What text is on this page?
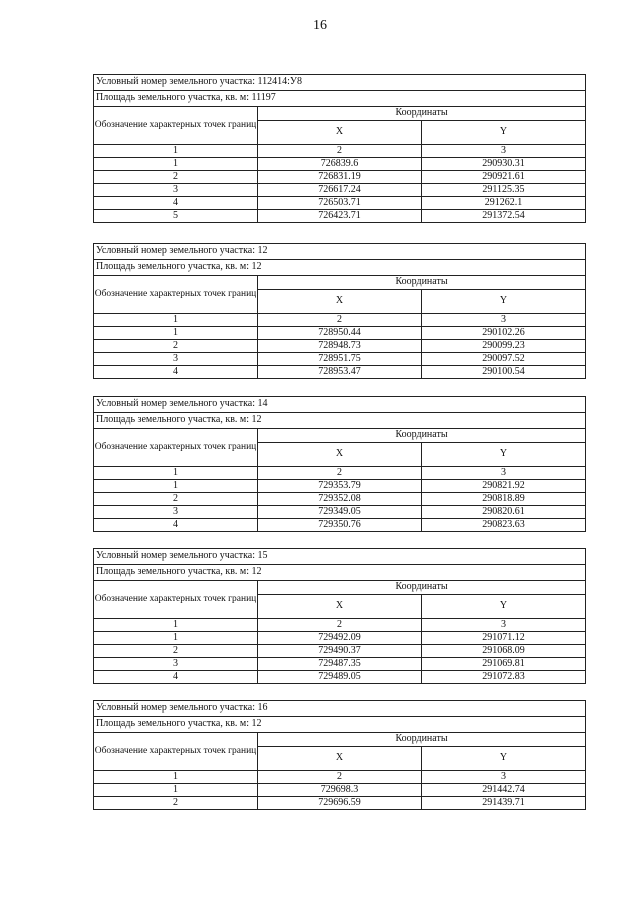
16
Условный номер земельного участка: 112414:У8		
Площадь земельного участка, кв. м: 11197		
Обозначение характерных точек границ	Координаты	
	X	Y
1	2	3
1	726839.6	290930.31
2	726831.19	290921.61
3	726617.24	291125.35
4	726503.71	291262.1
5	726423.71	291372.54
Условный номер земельного участка: 12		
Площадь земельного участка, кв. м: 12		
Обозначение характерных точек границ	Координаты	
	X	Y
1	2	3
1	728950.44	290102.26
2	728948.73	290099.23
3	728951.75	290097.52
4	728953.47	290100.54
Условный номер земельного участка: 14		
Площадь земельного участка, кв. м: 12		
Обозначение характерных точек границ	Координаты	
	X	Y
1	2	3
1	729353.79	290821.92
2	729352.08	290818.89
3	729349.05	290820.61
4	729350.76	290823.63
Условный номер земельного участка: 15		
Площадь земельного участка, кв. м: 12		
Обозначение характерных точек границ	Координаты	
	X	Y
1	2	3
1	729492.09	291071.12
2	729490.37	291068.09
3	729487.35	291069.81
4	729489.05	291072.83
Условный номер земельного участка: 16		
Площадь земельного участка, кв. м: 12		
Обозначение характерных точек границ	Координаты	
	X	Y
1	2	3
1	729698.3	291442.74
2	729696.59	291439.71
